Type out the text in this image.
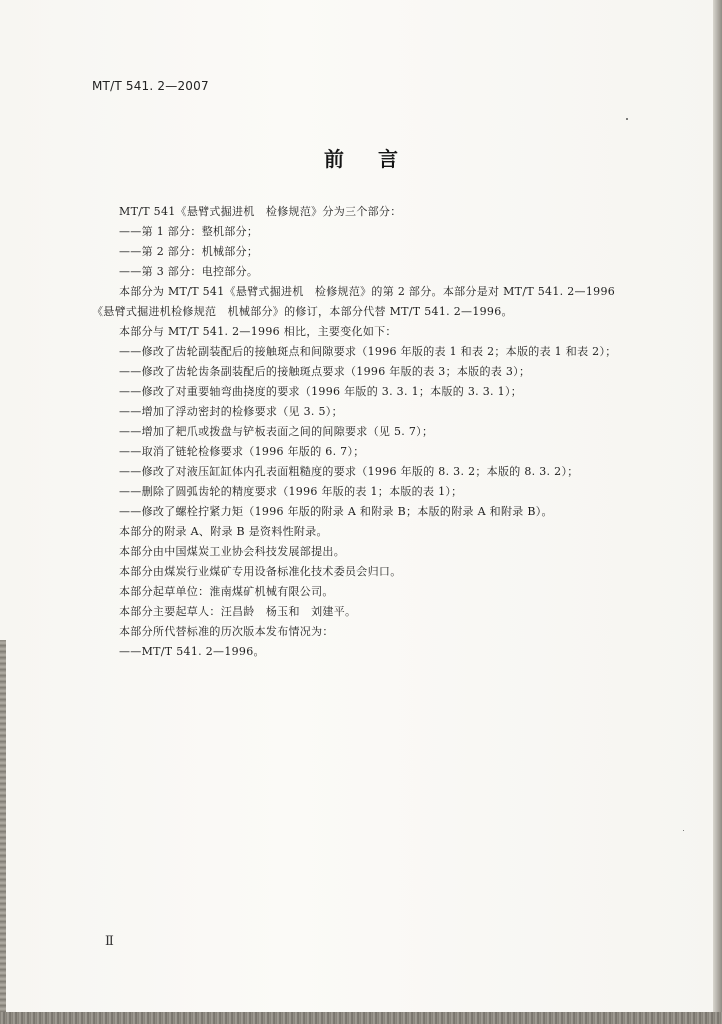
MT/T 541. 2—2007
前言
MT/T 541《悬臂式掘进机　检修规范》分为三个部分：
——第 1 部分：整机部分；
——第 2 部分：机械部分；
——第 3 部分：电控部分。
本部分为 MT/T 541《悬臂式掘进机　检修规范》的第 2 部分。本部分是对 MT/T 541. 2—1996
《悬臂式掘进机检修规范　机械部分》的修订，本部分代替 MT/T 541. 2—1996。
本部分与 MT/T 541. 2—1996 相比，主要变化如下：
——修改了齿轮副装配后的接触斑点和间隙要求（1996 年版的表 1 和表 2；本版的表 1 和表 2）；
——修改了齿轮齿条副装配后的接触斑点要求（1996 年版的表 3；本版的表 3）；
——修改了对重要轴弯曲挠度的要求（1996 年版的 3. 3. 1；本版的 3. 3. 1）；
——增加了浮动密封的检修要求（见 3. 5）；
——增加了耙爪或拨盘与铲板表面之间的间隙要求（见 5. 7）；
——取消了链轮检修要求（1996 年版的 6. 7）；
——修改了对液压缸缸体内孔表面粗糙度的要求（1996 年版的 8. 3. 2；本版的 8. 3. 2）；
——删除了圆弧齿轮的精度要求（1996 年版的表 1；本版的表 1）；
——修改了螺栓拧紧力矩（1996 年版的附录 A 和附录 B；本版的附录 A 和附录 B）。
本部分的附录 A、附录 B 是资料性附录。
本部分由中国煤炭工业协会科技发展部提出。
本部分由煤炭行业煤矿专用设备标准化技术委员会归口。
本部分起草单位：淮南煤矿机械有限公司。
本部分主要起草人：汪昌龄　杨玉和　刘建平。
本部分所代替标准的历次版本发布情况为：
——MT/T 541. 2—1996。
Ⅱ
